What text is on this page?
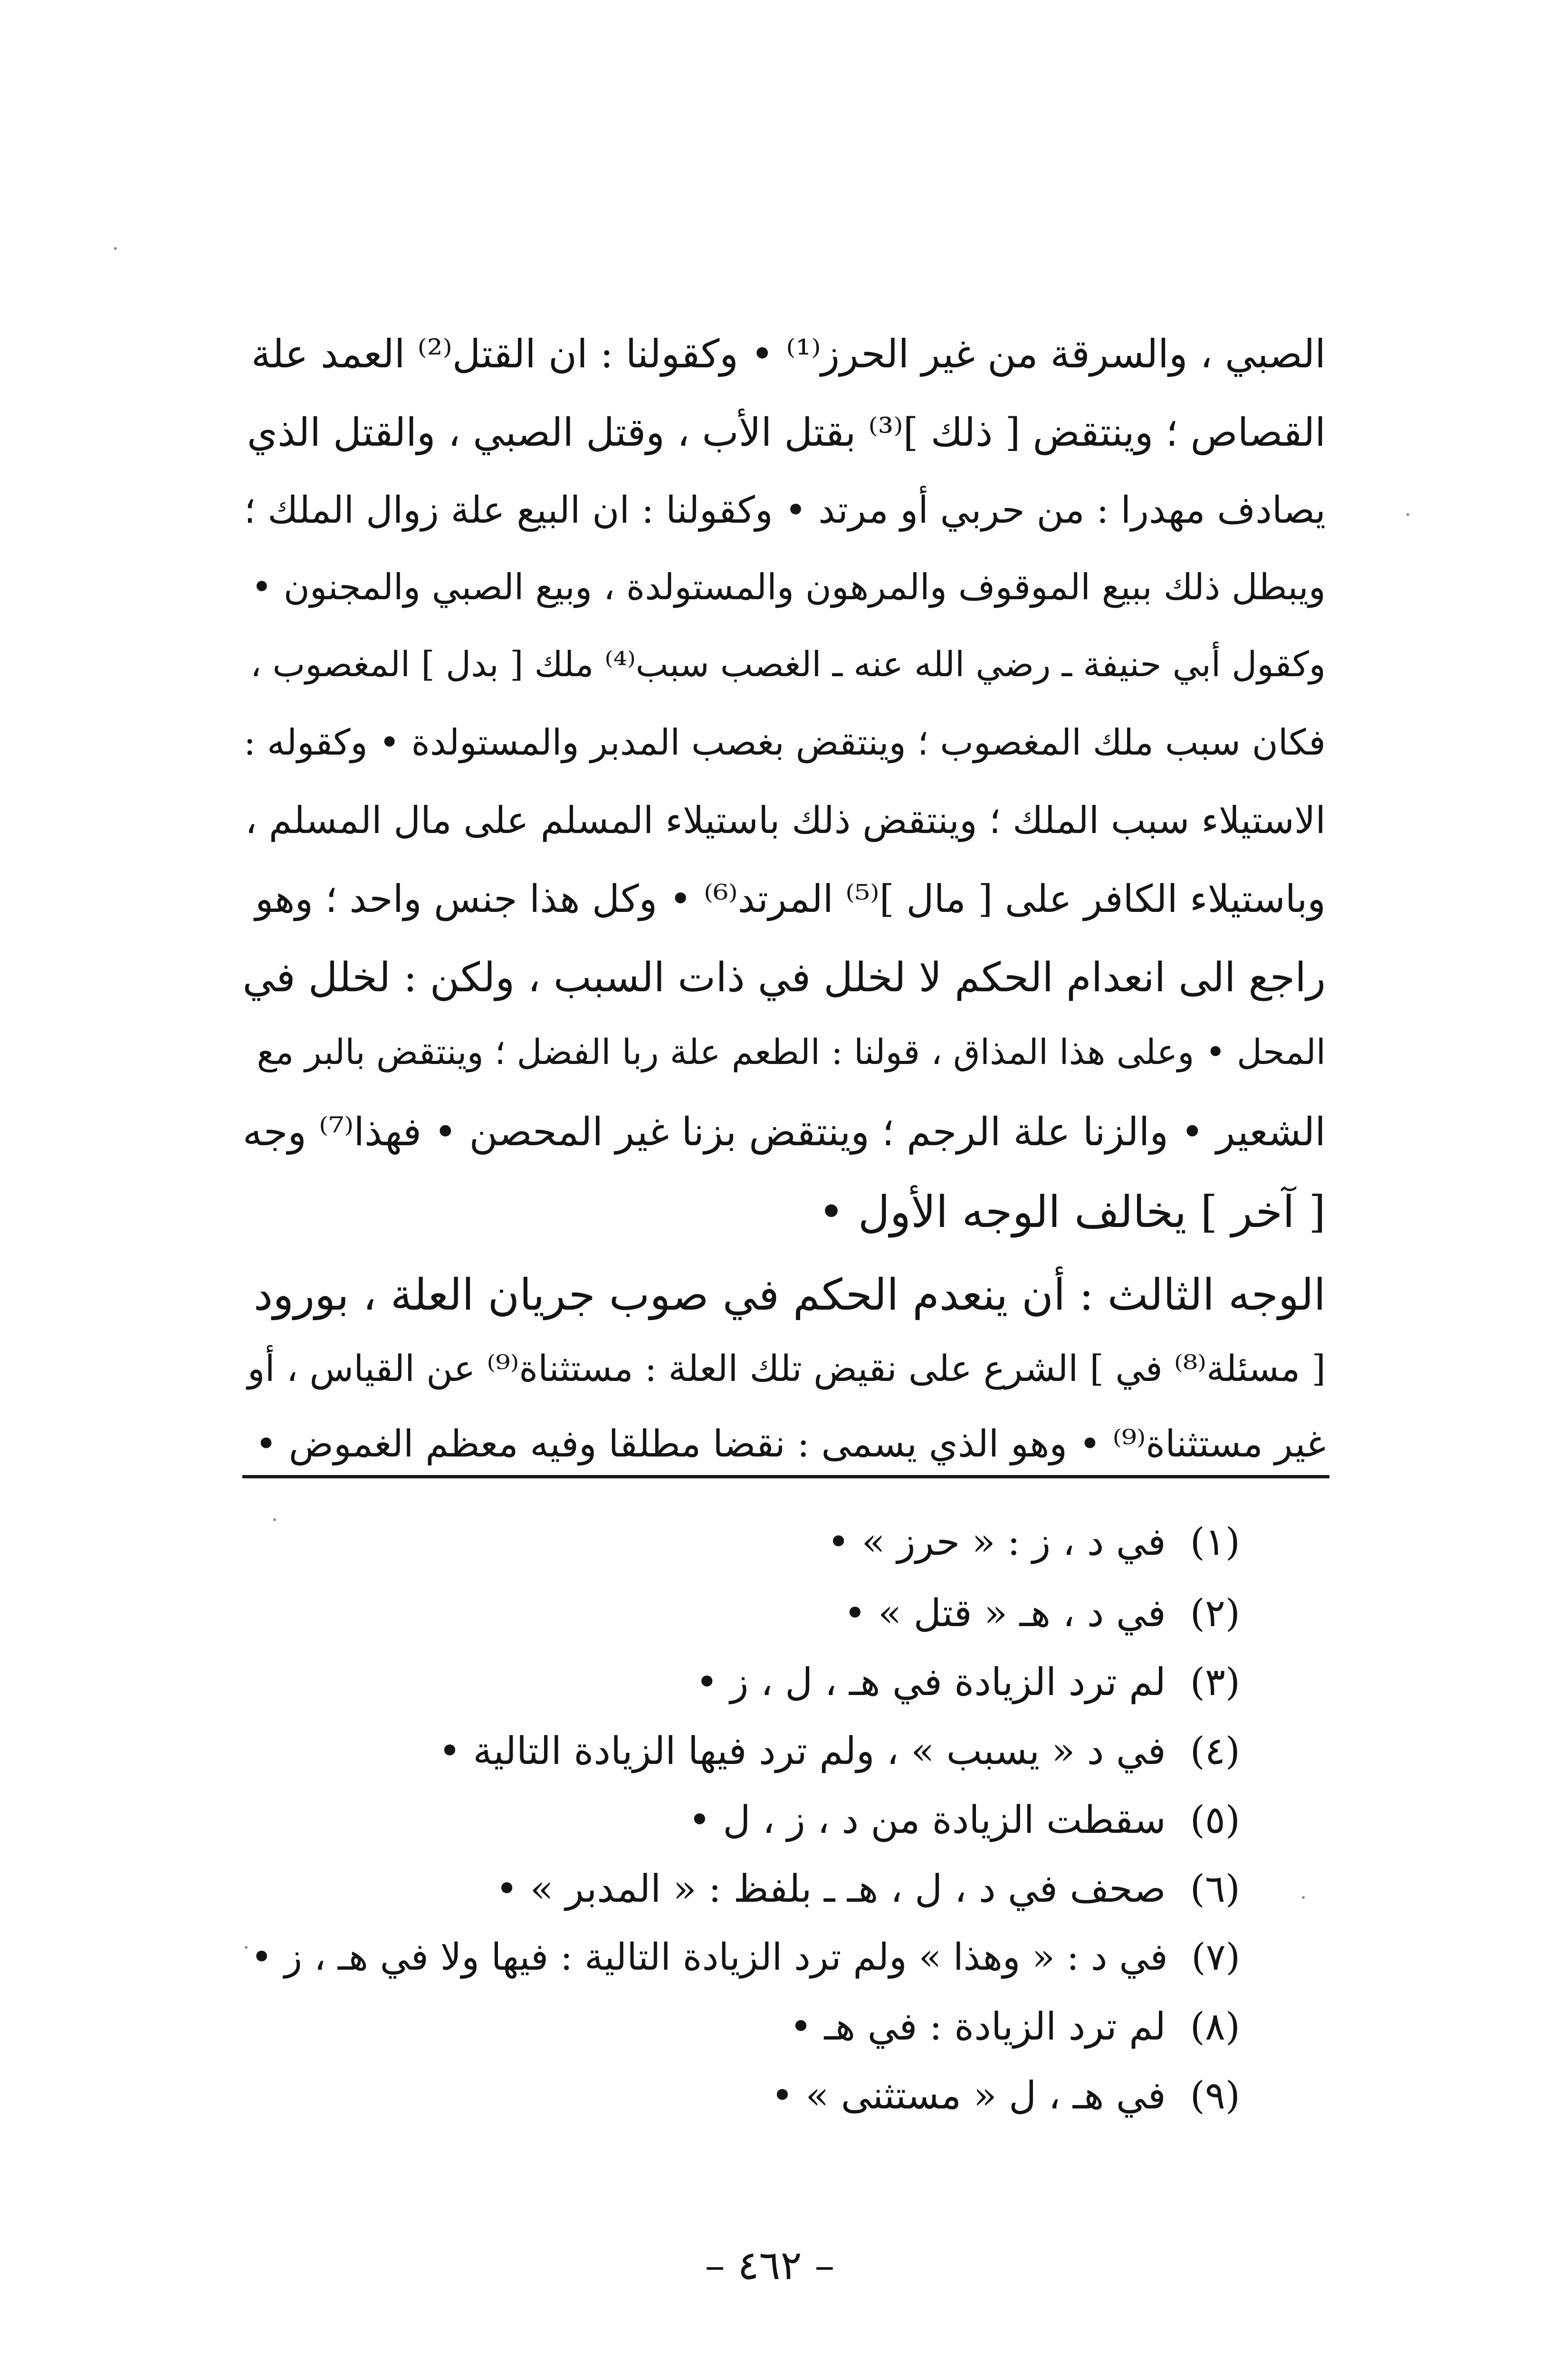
الصبي ، والسرقة من غير الحرز⁽¹⁾ • وكقولنا : ان القتل⁽²⁾ العمد علة
القصاص ؛ وينتقض [ ذلك ]⁽³⁾ بقتل الأب ، وقتل الصبي ، والقتل الذي
يصادف مهدرا : من حربي أو مرتد • وكقولنا : ان البيع علة زوال الملك ؛
ويبطل ذلك ببيع الموقوف والمرهون والمستولدة ، وبيع الصبي والمجنون •
وكقول أبي حنيفة ـ رضي الله عنه ـ الغصب سبب⁽⁴⁾ ملك [ بدل ] المغصوب ،
فكان سبب ملك المغصوب ؛ وينتقض بغصب المدبر والمستولدة • وكقوله :
الاستيلاء سبب الملك ؛ وينتقض ذلك باستيلاء المسلم على مال المسلم ،
وباستيلاء الكافر على [ مال ]⁽⁵⁾ المرتد⁽⁶⁾ • وكل هذا جنس واحد ؛ وهو
راجع الى انعدام الحكم لا لخلل في ذات السبب ، ولكن : لخلل في
المحل • وعلى هذا المذاق ، قولنا : الطعم علة ربا الفضل ؛ وينتقض بالبر مع
الشعير • والزنا علة الرجم ؛ وينتقض بزنا غير المحصن • فهذا⁽⁷⁾ وجه
[ آخر ] يخالف الوجه الأول •
الوجه الثالث : أن ينعدم الحكم في صوب جريان العلة ، بورود
[ مسئلة⁽⁸⁾ في ] الشرع على نقيض تلك العلة : مستثناة⁽⁹⁾ عن القياس ، أو
غير مستثناة⁽⁹⁾ • وهو الذي يسمى : نقضا مطلقا وفيه معظم الغموض •
(١)  في د ، ز : « حرز » •
(٢)  في د ، هـ « قتل » •
(٣)  لم ترد الزيادة في هـ ، ل ، ز •
(٤)  في د « يسبب » ، ولم ترد فيها الزيادة التالية •
(٥)  سقطت الزيادة من د ، ز ، ل •
(٦)  صحف في د ، ل ، هـ ـ بلفظ : « المدبر » •
(٧)  في د : « وهذا » ولم ترد الزيادة التالية : فيها ولا في هـ ، ز •
(٨)  لم ترد الزيادة : في هـ •
(٩)  في هـ ، ل « مستثنى » •
– ٤٦٢ –
